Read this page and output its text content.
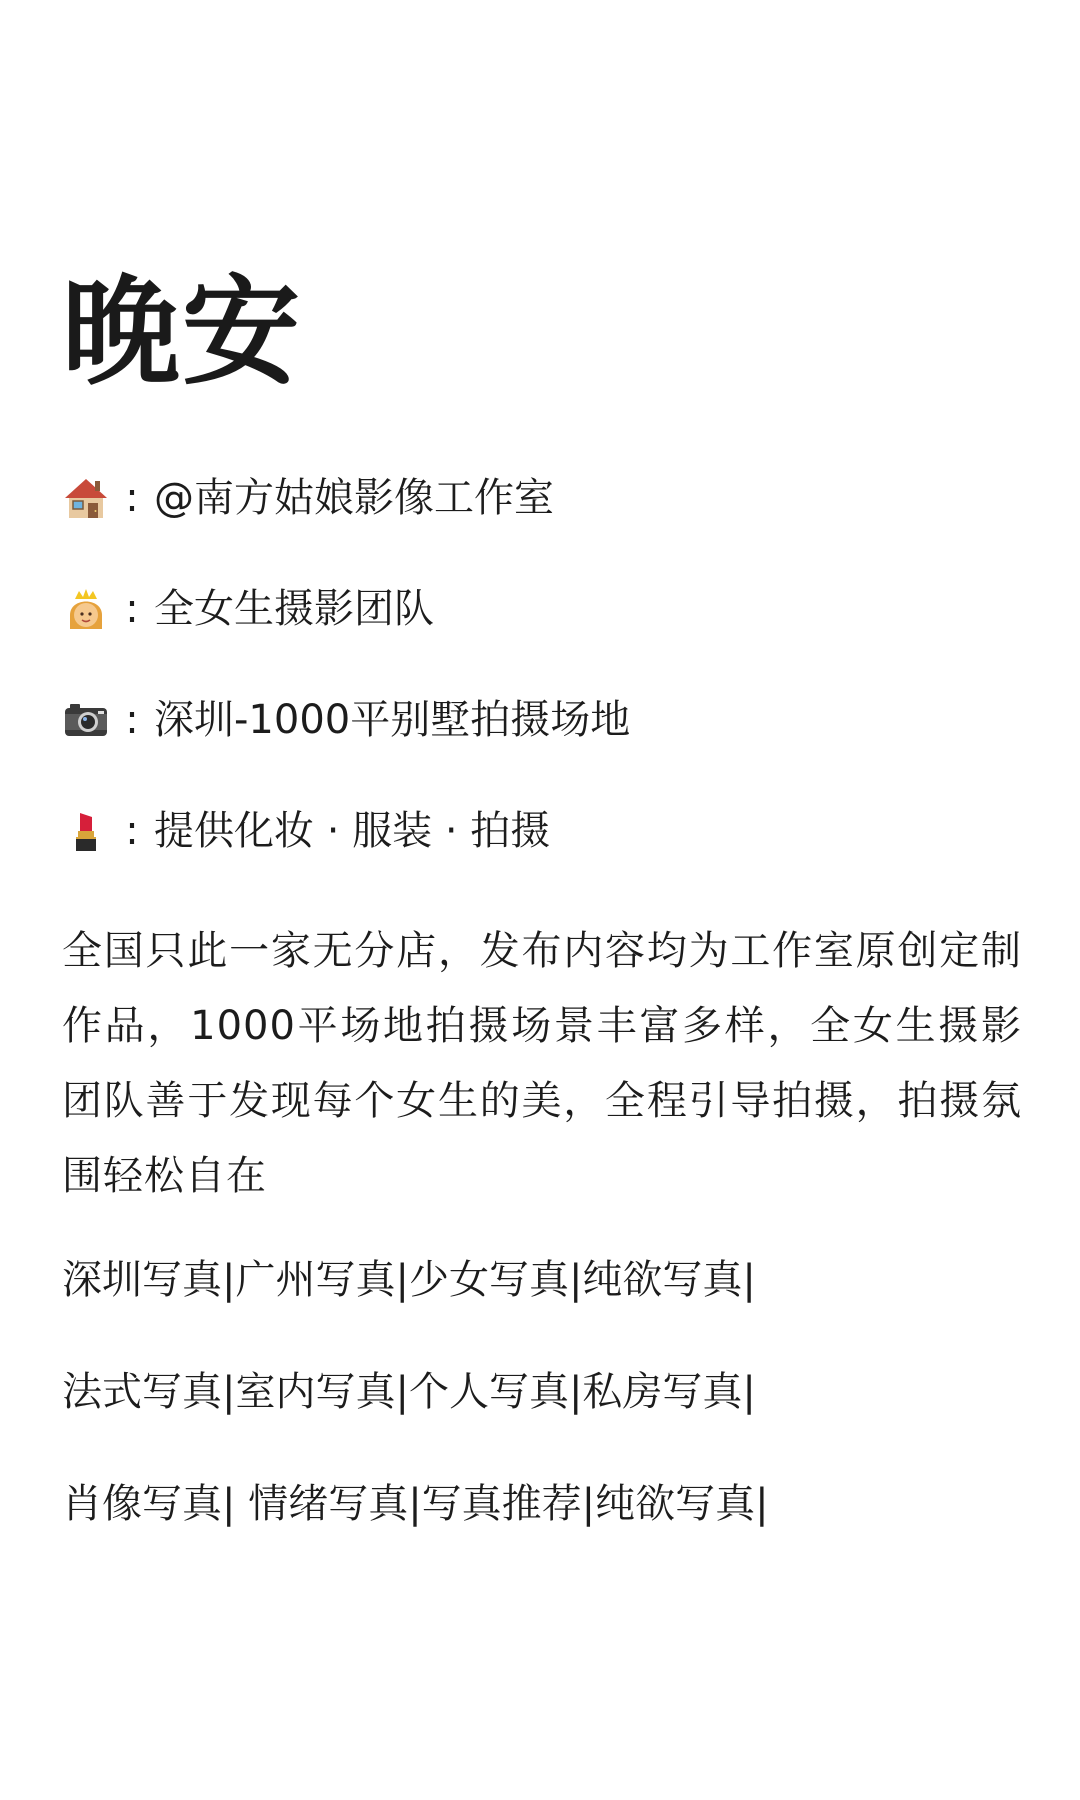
晚安
: @南方姑娘影像工作室
: 全女生摄影团队
: 深圳-1000平别墅拍摄场地
: 提供化妆 · 服装 · 拍摄

全国只此一家无分店，发布内容均为工作室原创定制作品，1000平场地拍摄场景丰富多样，全女生摄影团队善于发现每个女生的美，全程引导拍摄，拍摄氛围轻松自在

深圳写真|广州写真|少女写真|纯欲写真|
法式写真|室内写真|个人写真|私房写真|
肖像写真| 情绪写真|写真推荐|纯欲写真|
